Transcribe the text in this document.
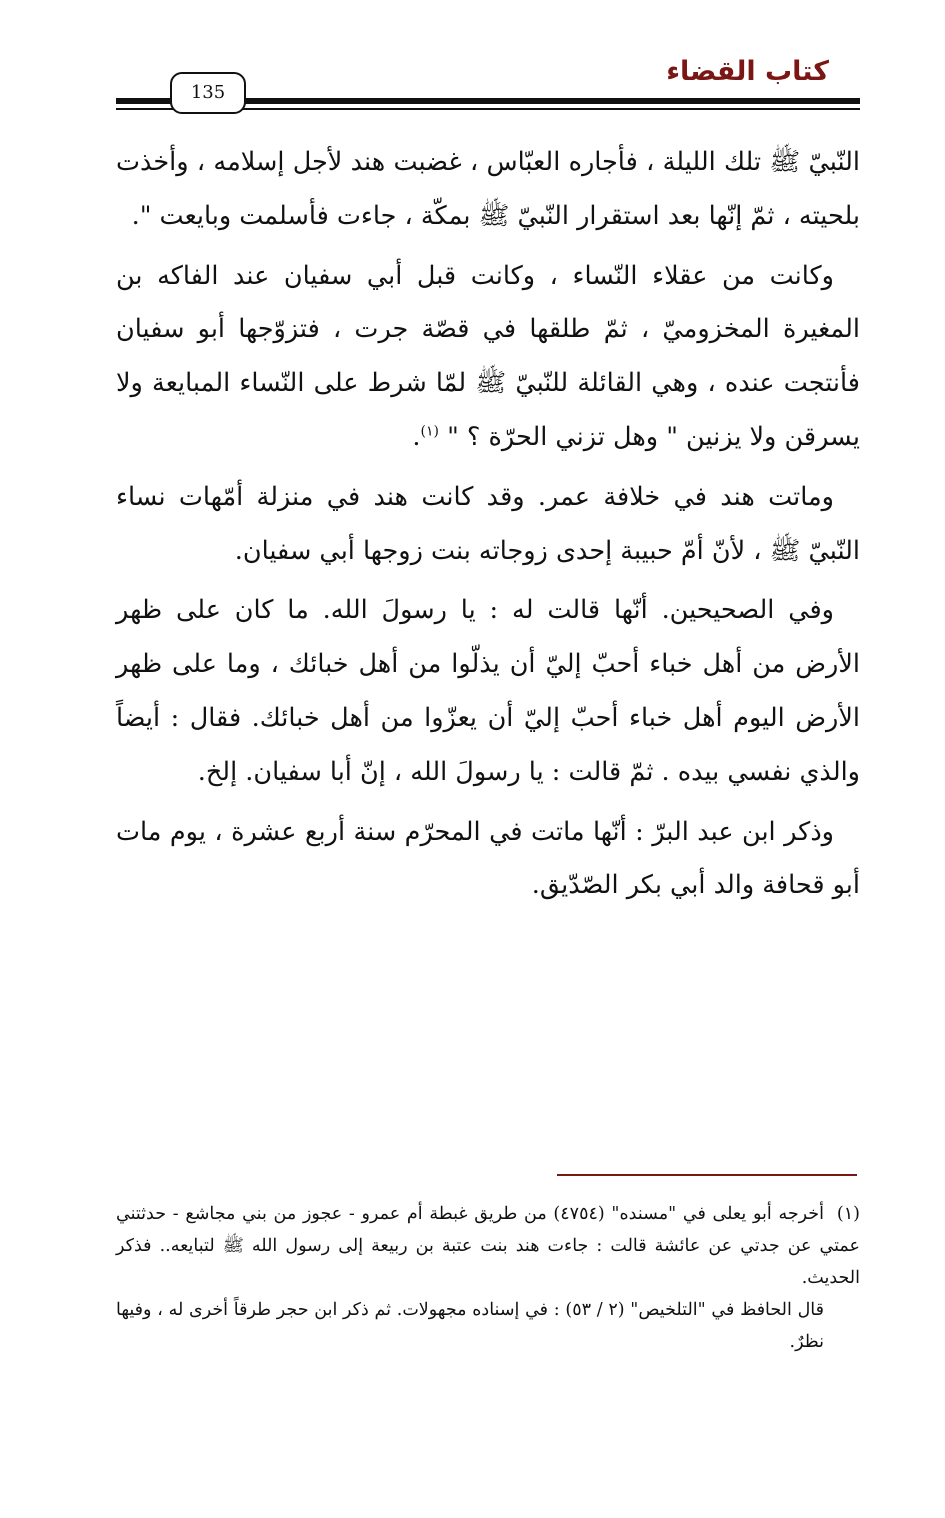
كتاب القضاء
135

النّبيّ ﷺ تلك الليلة ، فأجاره العبّاس ، غضبت هند لأجل إسلامه ، وأخذت بلحيته ، ثمّ إنّها بعد استقرار النّبيّ ﷺ بمكّة ، جاءت فأسلمت وبايعت ".

وكانت من عقلاء النّساء ، وكانت قبل أبي سفيان عند الفاكه بن المغيرة المخزوميّ ، ثمّ طلقها في قصّة جرت ، فتزوّجها أبو سفيان فأنتجت عنده ، وهي القائلة للنّبيّ ﷺ لمّا شرط على النّساء المبايعة ولا يسرقن ولا يزنين " وهل تزني الحرّة ؟ " $^{(١)}$.

وماتت هند في خلافة عمر. وقد كانت هند في منزلة أمّهات نساء النّبيّ ﷺ ، لأنّ أمّ حبيبة إحدى زوجاته بنت زوجها أبي سفيان.

وفي الصحيحين. أنّها قالت له : يا رسولَ الله. ما كان على ظهر الأرض من أهل خباء أحبّ إليّ أن يذلّوا من أهل خبائك ، وما على ظهر الأرض اليوم أهل خباء أحبّ إليّ أن يعزّوا من أهل خبائك. فقال : أيضاً والذي نفسي بيده . ثمّ قالت : يا رسولَ الله ، إنّ أبا سفيان. إلخ.

وذكر ابن عبد البرّ : أنّها ماتت في المحرّم سنة أربع عشرة ، يوم مات أبو قحافة والد أبي بكر الصّدّيق.

(١)أخرجه أبو يعلى في "مسنده" (٤٧٥٤) من طريق غبطة أم عمرو - عجوز من بني مجاشع - حدثتني عمتي عن جدتي عن عائشة قالت : جاءت هند بنت عتبة بن ربيعة إلى رسول الله ﷺ لتبايعه.. فذكر الحديث.

قال الحافظ في "التلخيص" (٢ / ٥٣) : في إسناده مجهولات. ثم ذكر ابن حجر طرقاً أخرى له ، وفيها نظرٌ.
